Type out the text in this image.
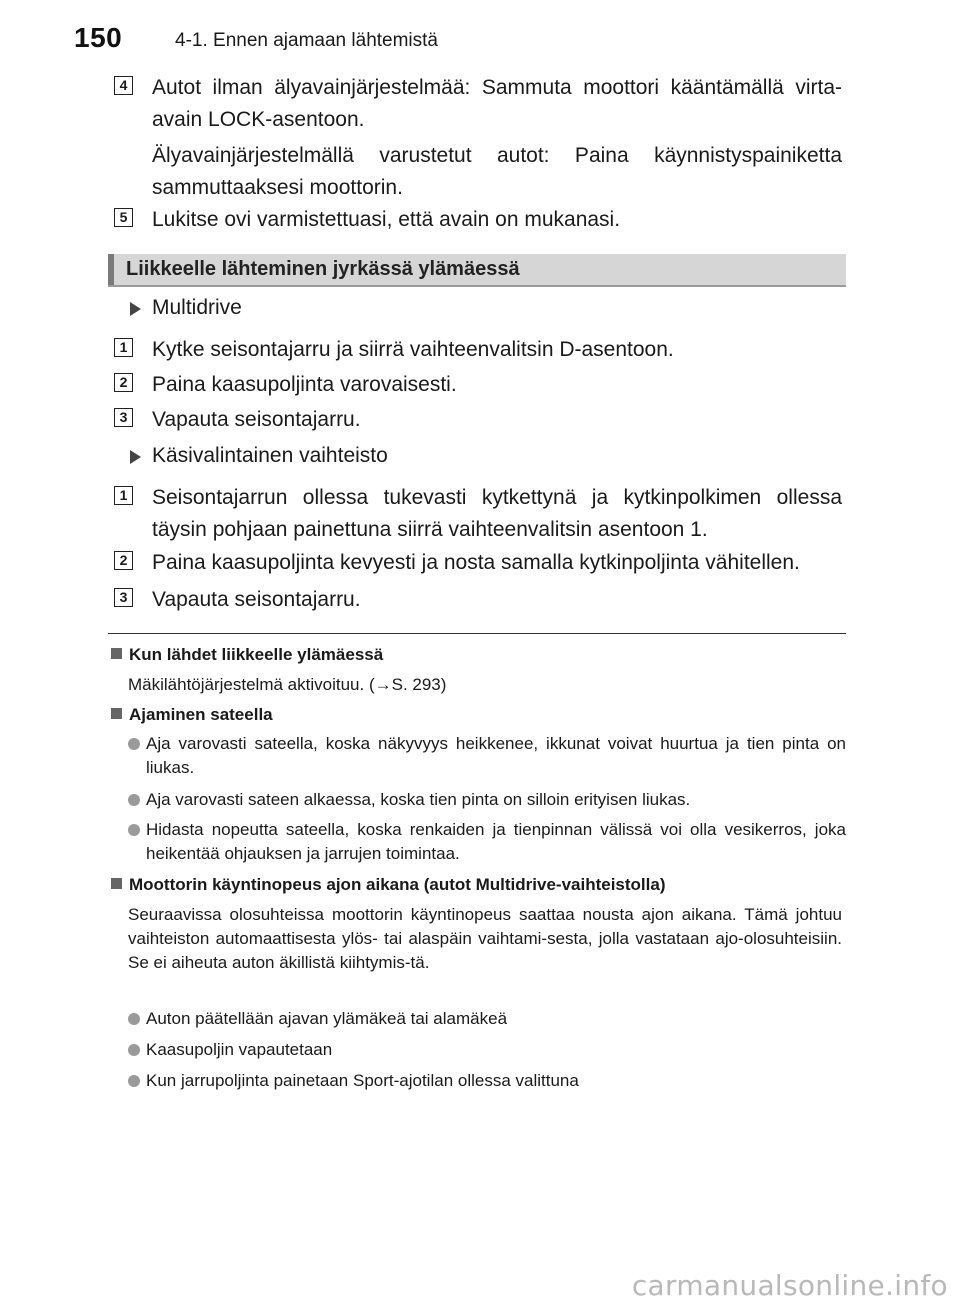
150	4-1. Ennen ajamaan lähtemistä
4 Autot ilman älyavainjärjestelmää: Sammuta moottori kääntämällä virta-avain LOCK-asentoon.
Älyavainjärjestelmällä varustetut autot: Paina käynnistyspainiketta sammuttaaksesi moottorin.
5 Lukitse ovi varmistettuasi, että avain on mukanasi.
Liikkeelle lähteminen jyrkässä ylämäessä
Multidrive
1 Kytke seisontajarru ja siirrä vaihteenvalitsin D-asentoon.
2 Paina kaasupoljinta varovaisesti.
3 Vapauta seisontajarru.
Käsivalintainen vaihteisto
1 Seisontajarrun ollessa tukevasti kytkettynä ja kytkinpolkimen ollessa täysin pohjaan painettuna siirrä vaihteenvalitsin asentoon 1.
2 Paina kaasupoljinta kevyesti ja nosta samalla kytkinpoljinta vähitellen.
3 Vapauta seisontajarru.
Kun lähdet liikkeelle ylämäessä
Mäkilähtöjärjestelmä aktivoituu. (→S. 293)
Ajaminen sateella
Aja varovasti sateella, koska näkyvyys heikkenee, ikkunat voivat huurtua ja tien pinta on liukas.
Aja varovasti sateen alkaessa, koska tien pinta on silloin erityisen liukas.
Hidasta nopeutta sateella, koska renkaiden ja tienpinnan välissä voi olla vesikerros, joka heikentää ohjauksen ja jarrujen toimintaa.
Moottorin käyntinopeus ajon aikana (autot Multidrive-vaihteistolla)
Seuraavissa olosuhteissa moottorin käyntinopeus saattaa nousta ajon aikana. Tämä johtuu vaihteiston automaattisesta ylös- tai alaspäin vaihtami-sesta, jolla vastataan ajo-olosuhteisiin. Se ei aiheuta auton äkillistä kiihtymis-tä.
Auton päätellään ajavan ylämäkeä tai alamäkeä
Kaasupoljin vapautetaan
Kun jarrupoljinta painetaan Sport-ajotilan ollessa valittuna
carmanualsonline.info
